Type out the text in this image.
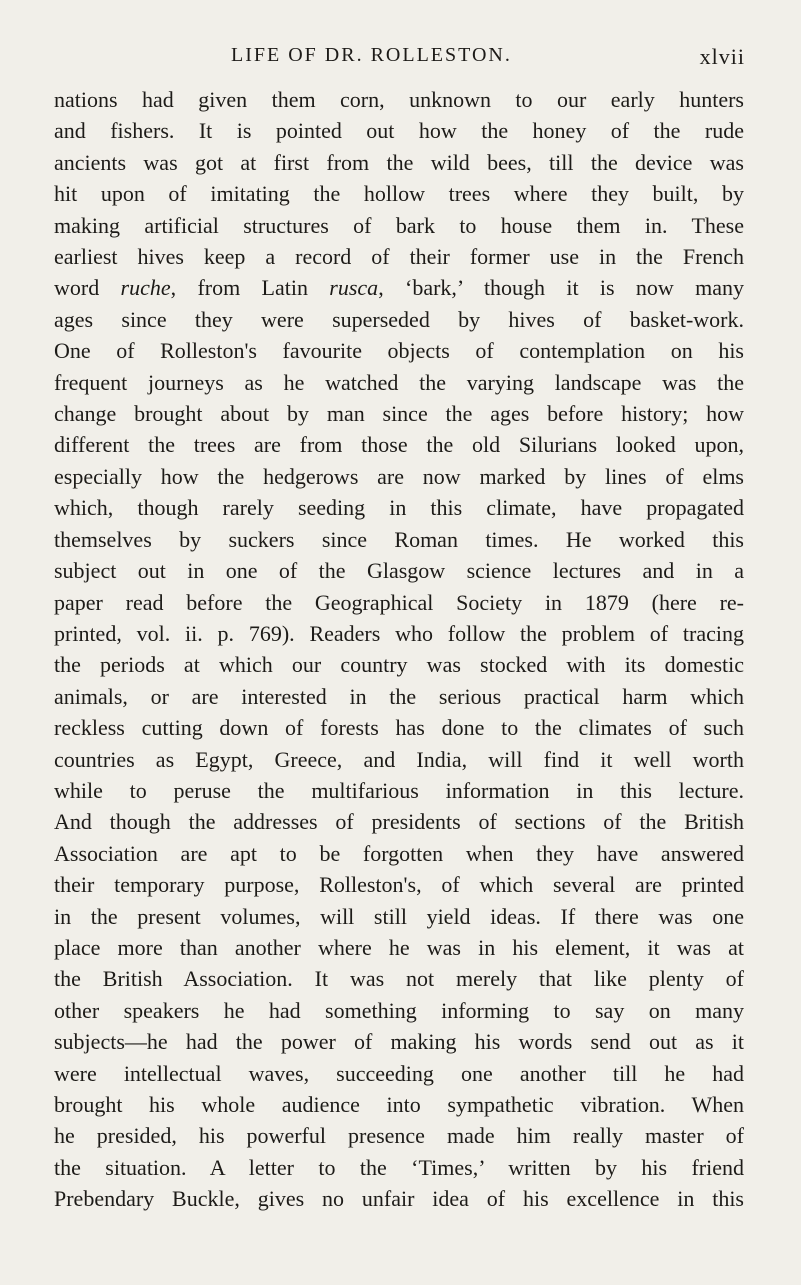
LIFE OF DR. ROLLESTON.	xlvii
nations had given them corn, unknown to our early hunters
and fishers. It is pointed out how the honey of the rude
ancients was got at first from the wild bees, till the device was
hit upon of imitating the hollow trees where they built, by
making artificial structures of bark to house them in. These
earliest hives keep a record of their former use in the French
word ruche, from Latin rusca, ‘bark,’ though it is now many
ages since they were superseded by hives of basket-work.
One of Rolleston's favourite objects of contemplation on his
frequent journeys as he watched the varying landscape was the
change brought about by man since the ages before history; how
different the trees are from those the old Silurians looked upon,
especially how the hedgerows are now marked by lines of elms
which, though rarely seeding in this climate, have propagated
themselves by suckers since Roman times. He worked this
subject out in one of the Glasgow science lectures and in a
paper read before the Geographical Society in 1879 (here re-
printed, vol. ii. p. 769). Readers who follow the problem of tracing
the periods at which our country was stocked with its domestic
animals, or are interested in the serious practical harm which
reckless cutting down of forests has done to the climates of such
countries as Egypt, Greece, and India, will find it well worth
while to peruse the multifarious information in this lecture.
And though the addresses of presidents of sections of the British
Association are apt to be forgotten when they have answered
their temporary purpose, Rolleston's, of which several are printed
in the present volumes, will still yield ideas. If there was one
place more than another where he was in his element, it was at
the British Association. It was not merely that like plenty of
other speakers he had something informing to say on many
subjects—he had the power of making his words send out as it
were intellectual waves, succeeding one another till he had
brought his whole audience into sympathetic vibration. When
he presided, his powerful presence made him really master of
the situation. A letter to the ‘Times,’ written by his friend
Prebendary Buckle, gives no unfair idea of his excellence in this
